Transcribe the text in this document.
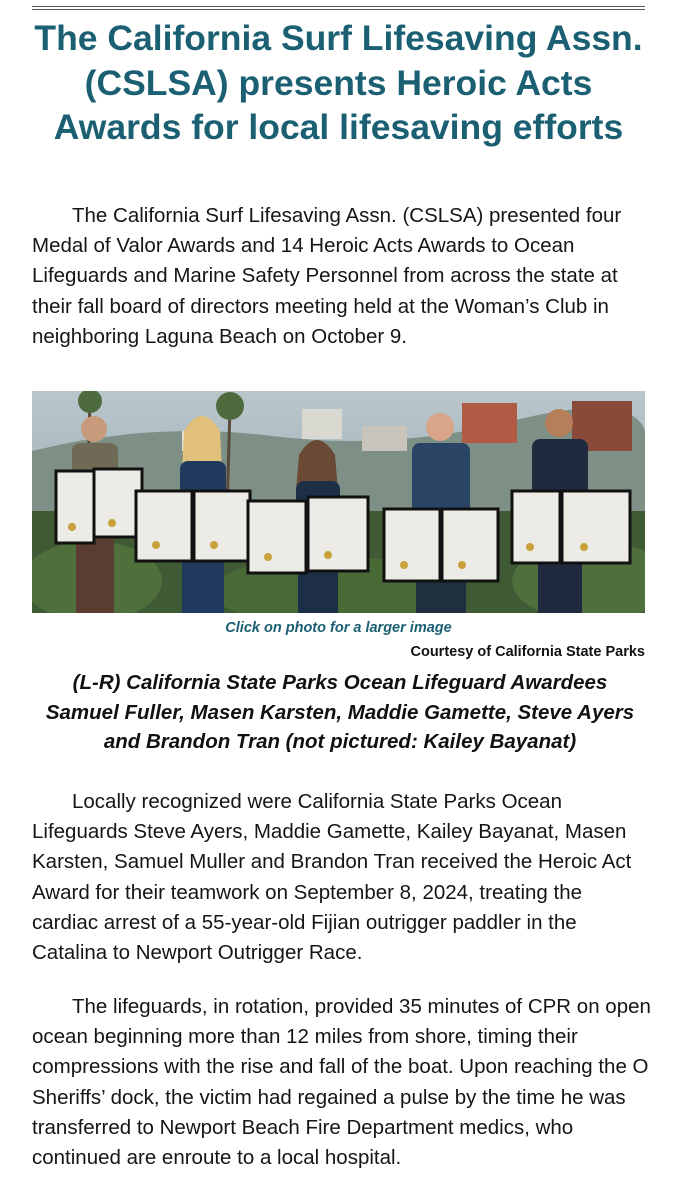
The California Surf Lifesaving Assn. (CSLSA) presents Heroic Acts Awards for local lifesaving efforts

The California Surf Lifesaving Assn. (CSLSA) presented four Medal of Valor Awards and 14 Heroic Acts Awards to Ocean Lifeguards and Marine Safety Personnel from across the state at their fall board of directors meeting held at the Woman’s Club in neighboring Laguna Beach on October 9.

Click on photo for a larger image
Courtesy of California State Parks

(L-R) California State Parks Ocean Lifeguard Awardees Samuel Fuller, Masen Karsten, Maddie Gamette, Steve Ayers and Brandon Tran (not pictured: Kailey Bayanat)

Locally recognized were California State Parks Ocean Lifeguards Steve Ayers, Maddie Gamette, Kailey Bayanat, Masen Karsten, Samuel Muller and Brandon Tran received the Heroic Act Award for their teamwork on September 8, 2024, treating the cardiac arrest of a 55-year-old Fijian outrigger paddler in the Catalina to Newport Outrigger Race.

The lifeguards, in rotation, provided 35 minutes of CPR on open ocean beginning more than 12 miles from shore, timing their compressions with the rise and fall of the boat. Upon reaching the O Sheriffs’ dock, the victim had regained a pulse by the time he was transferred to Newport Beach Fire Department medics, who continued are enroute to a local hospital.
